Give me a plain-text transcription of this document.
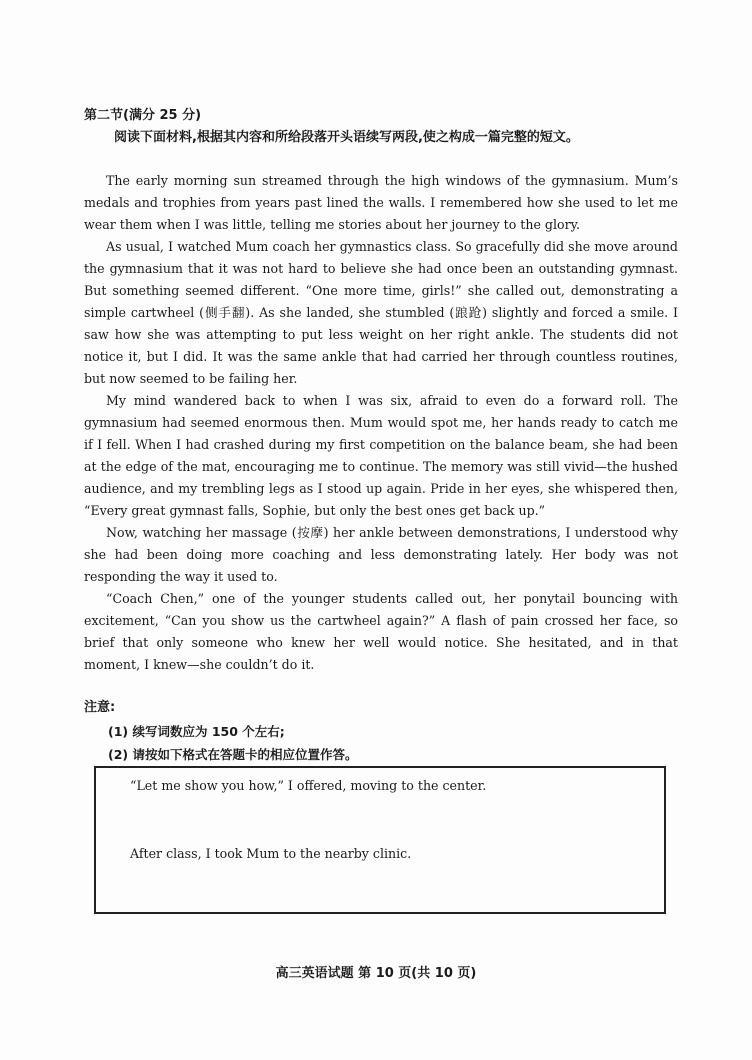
第二节(满分 25 分)
阅读下面材料,根据其内容和所给段落开头语续写两段,使之构成一篇完整的短文。

The early morning sun streamed through the high windows of the gymnasium. Mum’s medals and trophies from years past lined the walls. I remembered how she used to let me wear them when I was little, telling me stories about her journey to the glory.

As usual, I watched Mum coach her gymnastics class. So gracefully did she move around the gymnasium that it was not hard to believe she had once been an outstanding gymnast. But something seemed different. “One more time, girls!” she called out, demonstrating a simple cartwheel (侧手翻). As she landed, she stumbled (踉跄) slightly and forced a smile. I saw how she was attempting to put less weight on her right ankle. The students did not notice it, but I did. It was the same ankle that had carried her through countless routines, but now seemed to be failing her.

My mind wandered back to when I was six, afraid to even do a forward roll. The gymnasium had seemed enormous then. Mum would spot me, her hands ready to catch me if I fell. When I had crashed during my first competition on the balance beam, she had been at the edge of the mat, encouraging me to continue. The memory was still vivid—the hushed audience, and my trembling legs as I stood up again. Pride in her eyes, she whispered then, “Every great gymnast falls, Sophie, but only the best ones get back up.”

Now, watching her massage (按摩) her ankle between demonstrations, I understood why she had been doing more coaching and less demonstrating lately. Her body was not responding the way it used to.

“Coach Chen,” one of the younger students called out, her ponytail bouncing with excitement, “Can you show us the cartwheel again?” A flash of pain crossed her face, so brief that only someone who knew her well would notice. She hesitated, and in that moment, I knew—she couldn’t do it.

注意:
(1) 续写词数应为 150 个左右;
(2) 请按如下格式在答题卡的相应位置作答。
“Let me show you how,” I offered, moving to the center.
After class, I took Mum to the nearby clinic.
高三英语试题 第 10 页(共 10 页)
